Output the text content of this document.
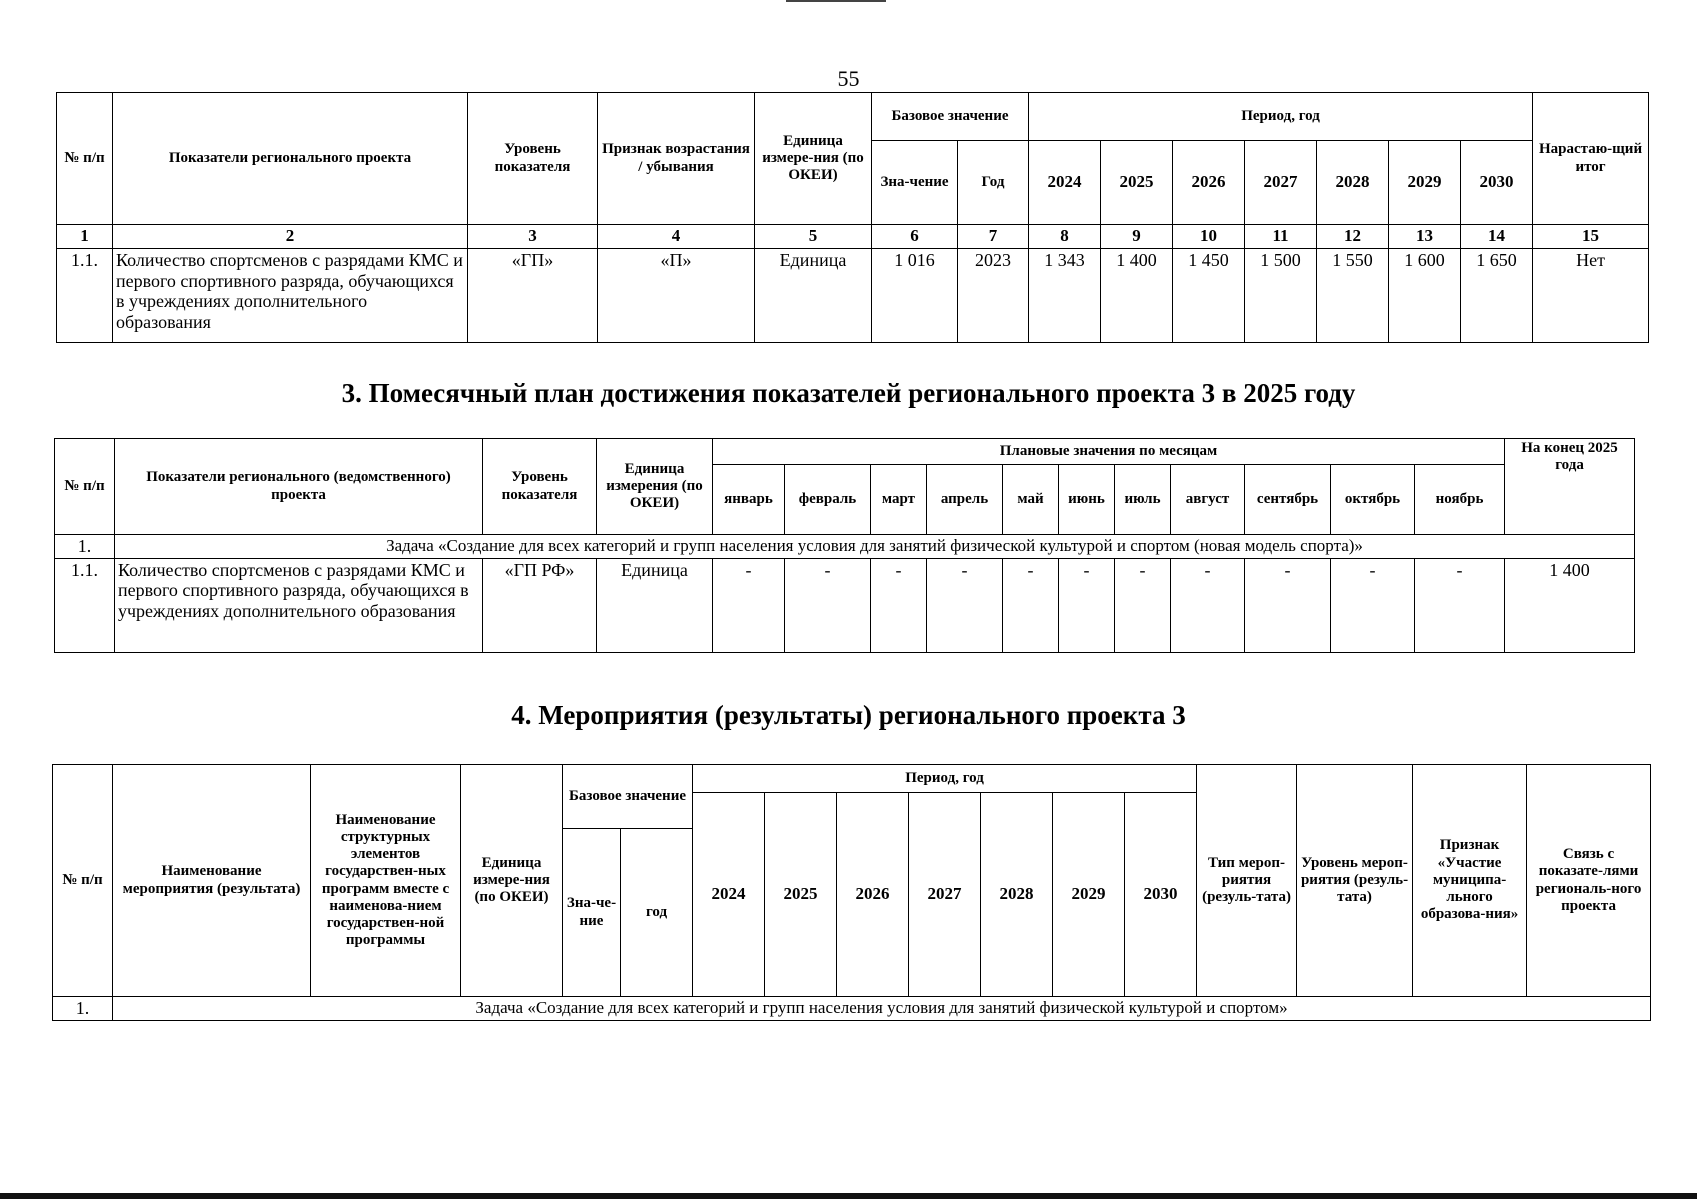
55
№ п/п	Показатели регионального проекта	Уровень показателя	Признак возрастания / убывания	Единица измере-ния (по ОКЕИ)	Базовое значение		Период, год							Нарастаю-щий итог
					Зна-чение	Год	2024	2025	2026	2027	2028	2029	2030	
1	2	3	4	5	6	7	8	9	10	11	12	13	14	15
1.1.	Количество спортсменов с разрядами КМС и первого спортивного разряда, обучающихся в учреждениях дополнительного образования	«ГП»	«П»	Единица	1 016	2023	1 343	1 400	1 450	1 500	1 550	1 600	1 650	Нет
3. Помесячный план достижения показателей регионального проекта 3 в 2025 году
№ п/п	Показатели регионального (ведомственного) проекта	Уровень показателя	Единица измерения (по ОКЕИ)	Плановые значения по месяцам											На конец 2025 года
				январь	февраль	март	апрель	май	июнь	июль	август	сентябрь	октябрь	ноябрь	
1.	Задача «Создание для всех категорий и групп населения условия для занятий физической культурой и спортом (новая модель спорта)»														
1.1.	Количество спортсменов с разрядами КМС и первого спортивного разряда, обучающихся в учреждениях дополнительного образования	«ГП РФ»	Единица	-	-	-	-	-	-	-	-	-	-	-	1 400
4. Мероприятия (результаты) регионального проекта 3
№ п/п	Наименование мероприятия (результата)	Наименование структурных элементов государствен-ных программ вместе с наименова-нием государствен-ной программы	Единица измере-ния (по ОКЕИ)	Базовое значение		Период, год							Тип мероп-риятия (резуль-тата)	Уровень мероп-риятия (резуль-тата)	Признак «Участие муниципа-льного образова-ния»	Связь с показате-лями региональ-ного проекта
						2024	2025	2026	2027	2028	2029	2030				
				Зна-че-ние	год											
1.	Задача «Создание для всех категорий и групп населения условия для занятий физической культурой и спортом»															
